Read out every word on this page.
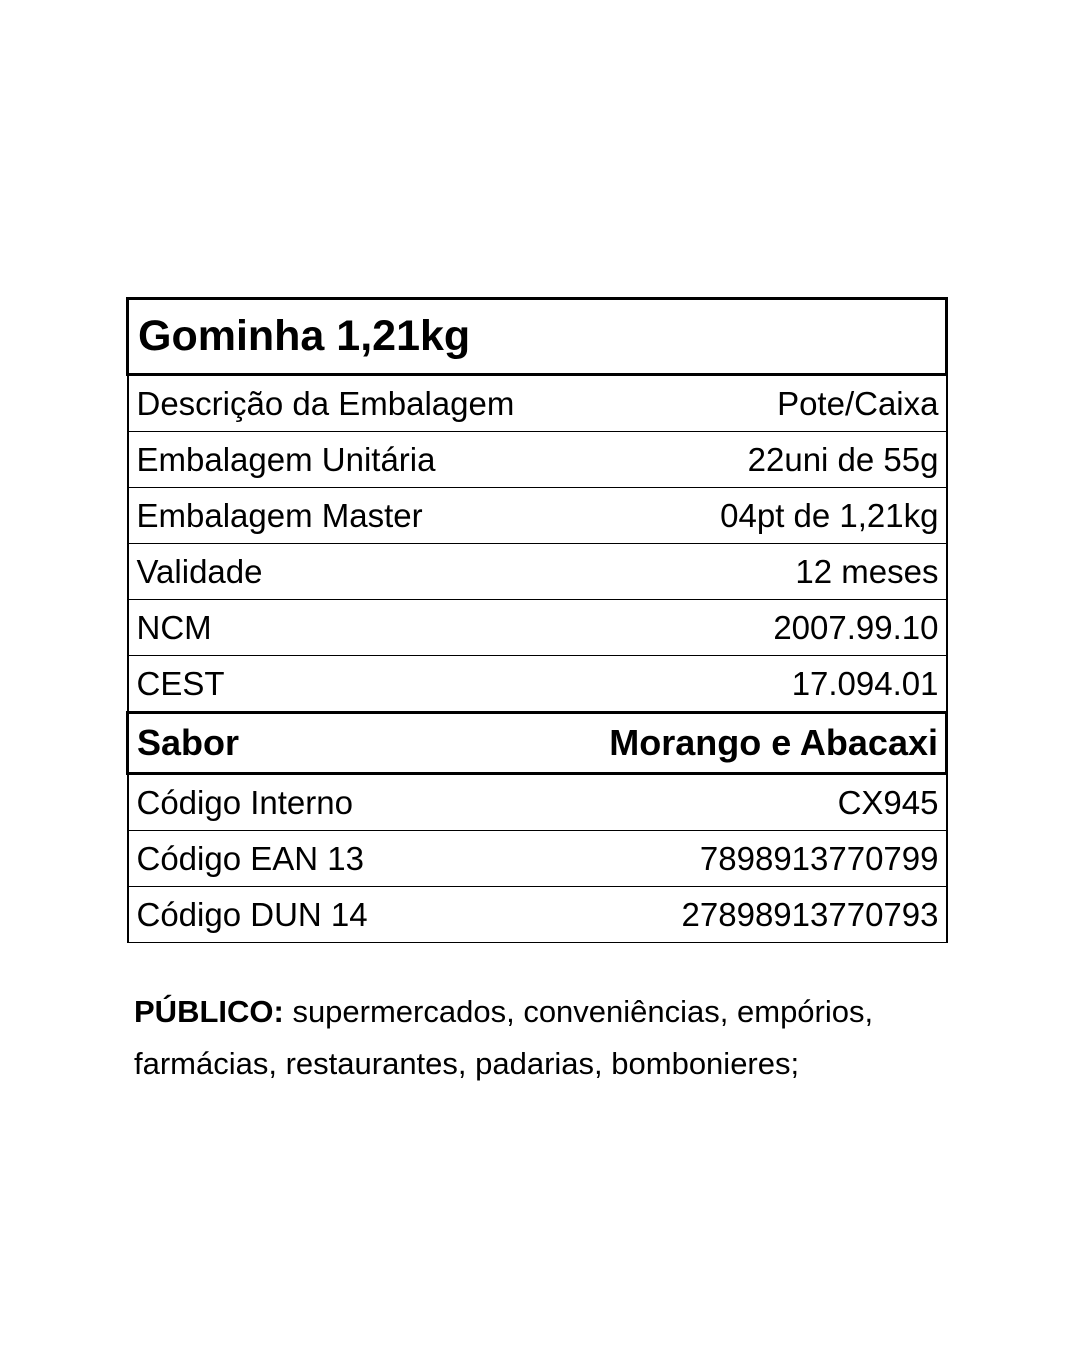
Gominha 1,21kg	
Descrição da Embalagem	Pote/Caixa
Embalagem Unitária	22uni de 55g
Embalagem Master	04pt de 1,21kg
Validade	12 meses
NCM	2007.99.10
CEST	17.094.01
Sabor	Morango e Abacaxi
Código Interno	CX945
Código EAN 13	7898913770799
Código DUN 14	27898913770793

PÚBLICO: supermercados, conveniências, empórios, farmácias, restaurantes, padarias, bombonieres;
